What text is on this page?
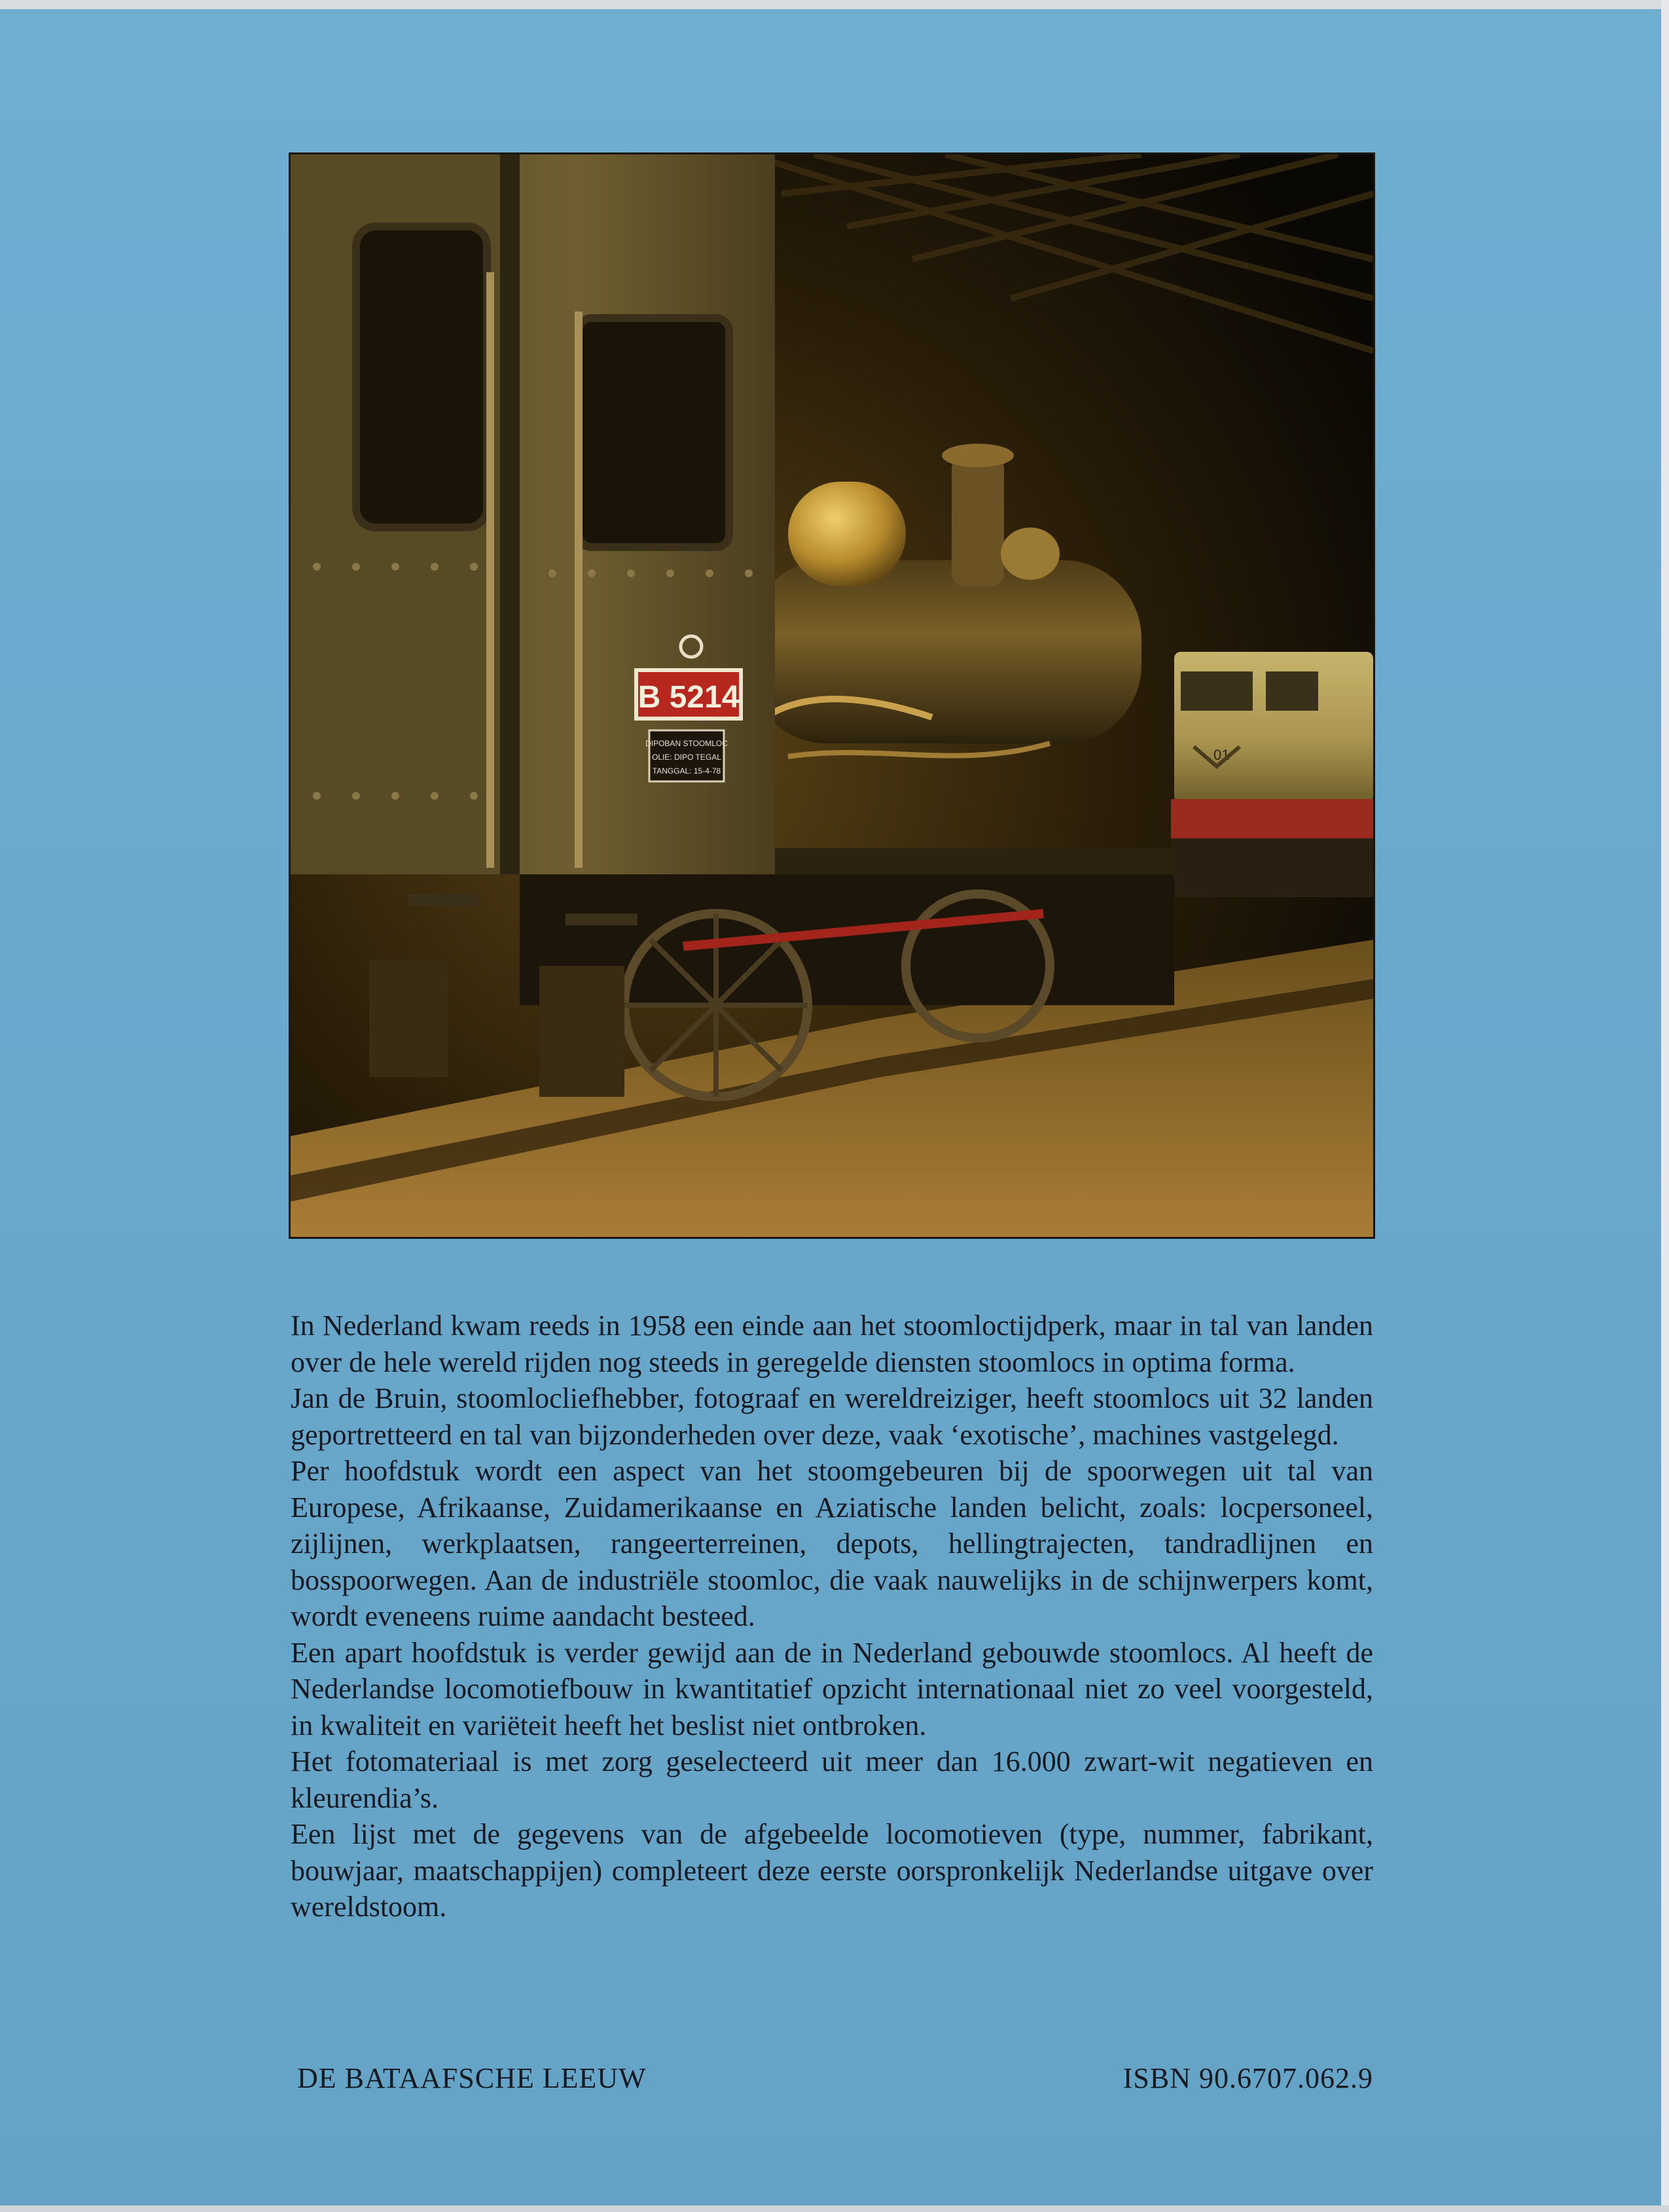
01
B 5214
DIPOBAN STOOMLOC
OLIE: DIPO TEGAL
TANGGAL: 15-4-78

In Nederland kwam reeds in 1958 een einde aan het stoomloctijdperk, maar in tal van landen over de hele wereld rijden nog steeds in geregelde diensten stoomlocs in optima forma.

Jan de Bruin, stoomlocliefhebber, fotograaf en wereldreiziger, heeft stoomlocs uit 32 landen geportretteerd en tal van bijzonderheden over deze, vaak ‘exotische’, machines vastgelegd.

Per hoofdstuk wordt een aspect van het stoomgebeuren bij de spoorwegen uit tal van Europese, Afrikaanse, Zuidamerikaanse en Aziatische landen belicht, zoals: locpersoneel, zijlijnen, werkplaatsen, rangeerterreinen, depots, hellingtrajecten, tandradlijnen en bosspoorwegen. Aan de industriële stoomloc, die vaak nauwelijks in de schijnwerpers komt, wordt eveneens ruime aandacht besteed.

Een apart hoofdstuk is verder gewijd aan de in Nederland gebouwde stoomlocs. Al heeft de Nederlandse locomotiefbouw in kwantitatief opzicht internationaal niet zo veel voorgesteld, in kwaliteit en variëteit heeft het beslist niet ontbroken.

Het fotomateriaal is met zorg geselecteerd uit meer dan 16.000 zwart-wit negatieven en kleurendia’s.

Een lijst met de gegevens van de afgebeelde locomotieven (type, nummer, fabrikant, bouwjaar, maatschappijen) completeert deze eerste oorspronkelijk Nederlandse uitgave over wereldstoom.

DE BATAAFSCHE LEEUW	ISBN 90.6707.062.9
